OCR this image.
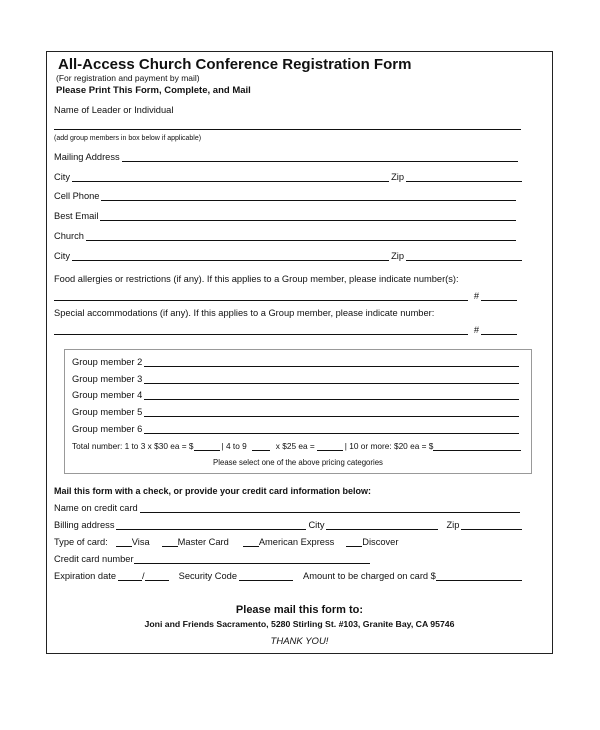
All-Access Church Conference Registration Form
(For registration and payment by mail)
Please Print This Form, Complete, and Mail
Name of Leader or Individual
(add group members in box below if applicable)
Mailing Address
City	Zip
Cell Phone
Best Email
Church
City	Zip
Food allergies or restrictions (if any). If this applies to a Group member, please indicate number(s):
#
Special accommodations (if any). If this applies to a Group member, please indicate number:
#
Group member 2
Group member 3
Group member 4
Group member 5
Group member 6
Total number: 1 to 3 x $30 ea = $	| 4 to 9	x $25 ea =	| 10 or more: $20 ea = $
Please select one of the above pricing categories
Mail this form with a check, or provide your credit card information below:
Name on credit card
Billing address	City	Zip
Type of card:	Visa	Master Card	American Express	Discover
Credit card number
Expiration date	/	Security Code	Amount to be charged on card $
Please mail this form to:
Joni and Friends Sacramento, 5280 Stirling St. #103, Granite Bay, CA 95746
THANK YOU!
